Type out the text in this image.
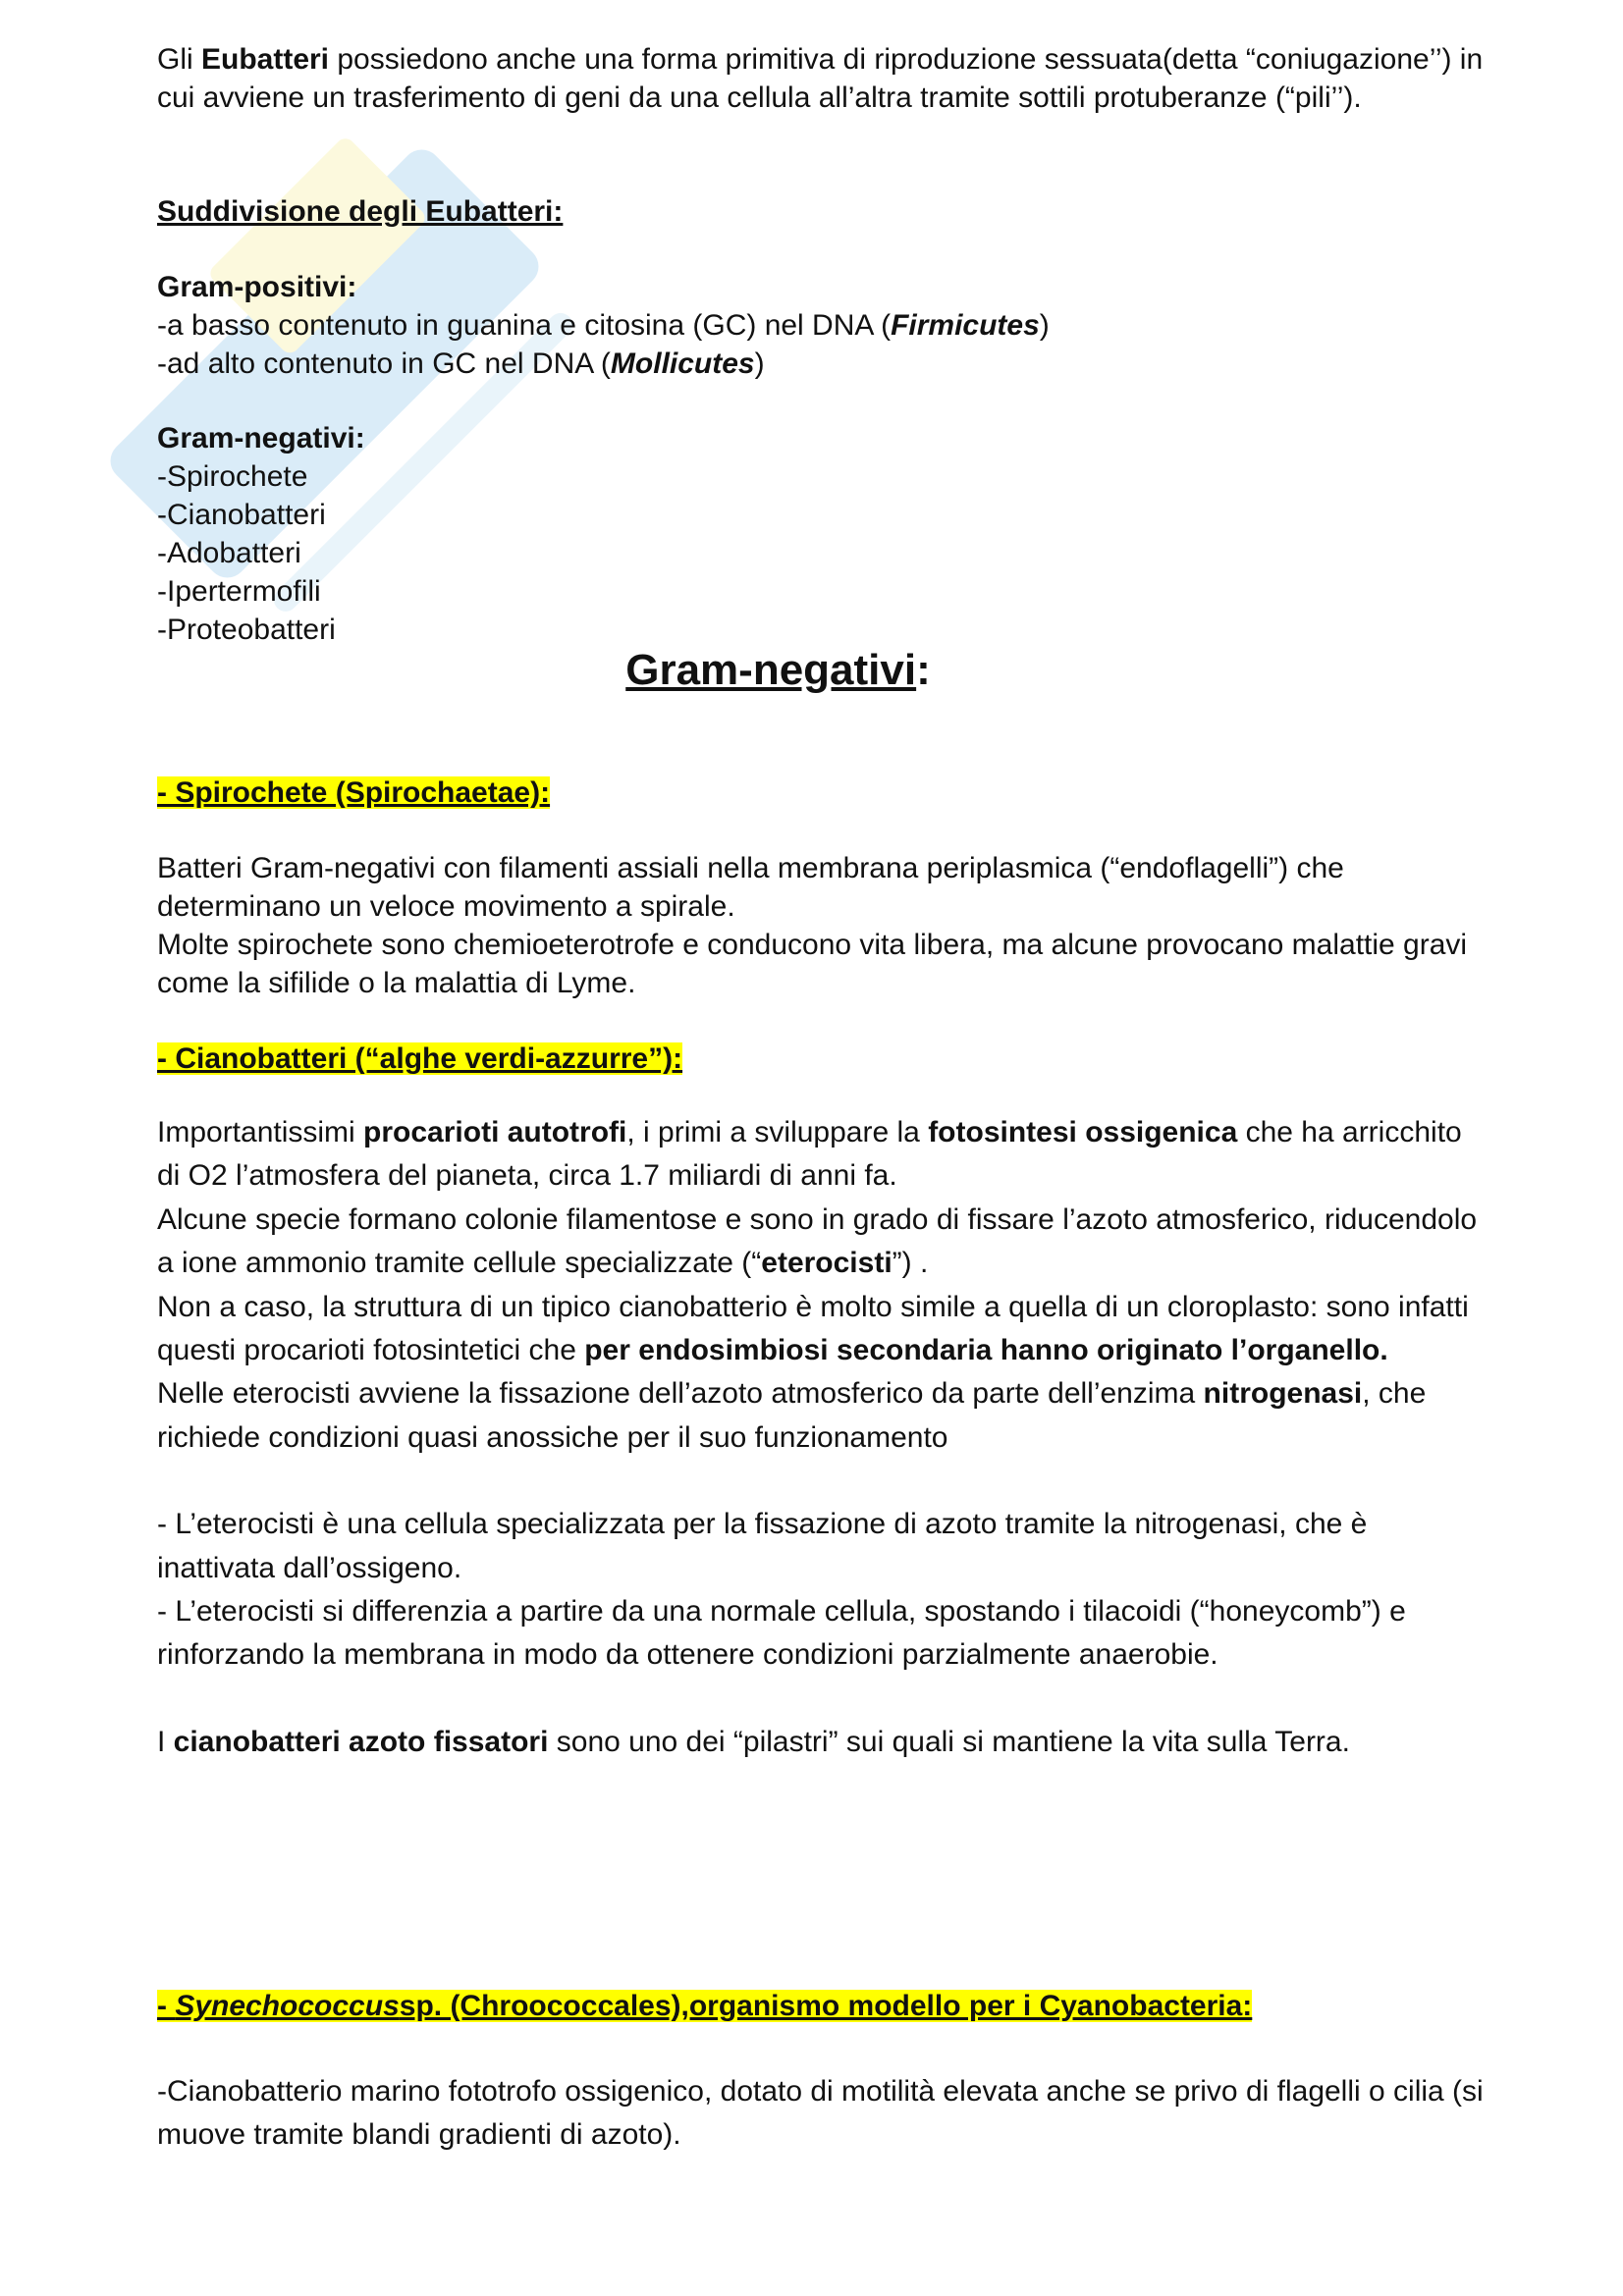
Gli Eubatteri possiedono anche una forma primitiva di riproduzione sessuata(detta “coniugazione’’) in cui avviene un trasferimento di geni da una cellula all’altra tramite sottili protuberanze (“pili’’).
Suddivisione degli Eubatteri:
Gram-positivi:
-a basso contenuto in guanina e citosina (GC) nel DNA (Firmicutes)
-ad alto contenuto in GC nel DNA (Mollicutes)
Gram-negativi:
-Spirochete
-Cianobatteri
-Adobatteri
-Ipertermofili
-Proteobatteri
Gram-negativi:
- Spirochete (Spirochaetae):
Batteri Gram-negativi con filamenti assiali nella membrana periplasmica (“endoflagelli”) che determinano un veloce movimento a spirale.
Molte spirochete sono chemioeterotrofe e conducono vita libera, ma alcune provocano malattie gravi come la sifilide o la malattia di Lyme.
- Cianobatteri (“alghe verdi-azzurre”):
Importantissimi procarioti autotrofi, i primi a sviluppare la fotosintesi ossigenica che ha arricchito di O2 l’atmosfera del pianeta, circa 1.7 miliardi di anni fa.
Alcune specie formano colonie filamentose e sono in grado di fissare l’azoto atmosferico, riducendolo a ione ammonio tramite cellule specializzate (“eterocisti”) .
Non a caso, la struttura di un tipico cianobatterio è molto simile a quella di un cloroplasto: sono infatti questi procarioti fotosintetici che per endosimbiosi secondaria hanno originato l’organello.
Nelle eterocisti avviene la fissazione dell’azoto atmosferico da parte dell’enzima nitrogenasi, che richiede condizioni quasi anossiche per il suo funzionamento
- L’eterocisti è una cellula specializzata per la fissazione di azoto tramite la nitrogenasi, che è inattivata dall’ossigeno.
- L’eterocisti si differenzia a partire da una normale cellula, spostando i tilacoidi (“honeycomb”) e rinforzando la membrana in modo da ottenere condizioni parzialmente anaerobie.
I cianobatteri azoto fissatori sono uno dei “pilastri” sui quali si mantiene la vita sulla Terra.
- Synechococcussp. (Chroococcales),organismo modello per i Cyanobacteria:
-Cianobatterio marino fototrofo ossigenico, dotato di motilità elevata anche se privo di flagelli o cilia (si muove tramite blandi gradienti di azoto).
